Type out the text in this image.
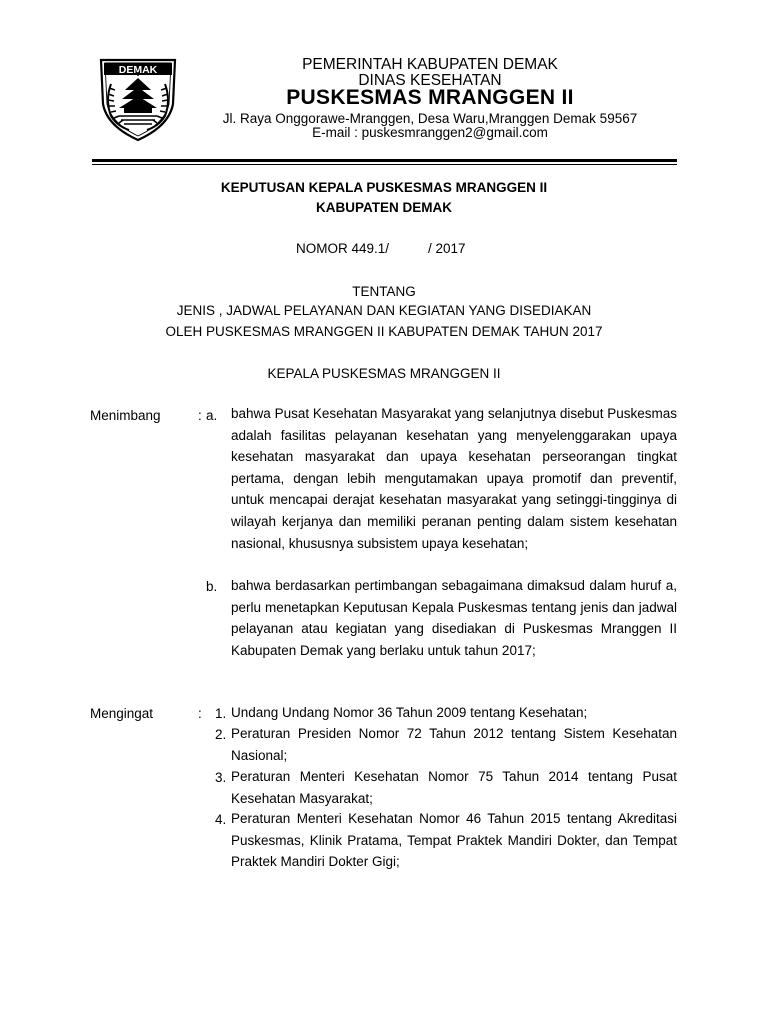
DEMAK	PEMERINTAH KABUPATEN DEMAK
DINAS KESEHATAN
PUSKESMAS MRANGGEN II
Jl. Raya Onggorawe-Mranggen, Desa Waru,Mranggen Demak 59567
E-mail : puskesmranggen2@gmail.com
KEPUTUSAN KEPALA PUSKESMAS MRANGGEN II
KABUPATEN DEMAK
NOMOR 449.1/	/ 2017
TENTANG
JENIS , JADWAL PELAYANAN DAN KEGIATAN YANG DISEDIAKAN
OLEH PUSKESMAS MRANGGEN II KABUPATEN DEMAK TAHUN 2017
KEPALA PUSKESMAS MRANGGEN II
Menimbang	: a. bahwa Pusat Kesehatan Masyarakat yang selanjutnya disebut Puskesmas adalah fasilitas pelayanan kesehatan yang menyelenggarakan upaya kesehatan masyarakat dan upaya kesehatan perseorangan tingkat pertama, dengan lebih mengutamakan upaya promotif dan preventif, untuk mencapai derajat kesehatan masyarakat yang setinggi-tingginya di wilayah kerjanya dan memiliki peranan penting dalam sistem kesehatan nasional, khususnya subsistem upaya kesehatan;
b. bahwa berdasarkan pertimbangan sebagaimana dimaksud dalam huruf a, perlu menetapkan Keputusan Kepala Puskesmas tentang jenis dan jadwal pelayanan atau kegiatan yang disediakan di Puskesmas Mranggen II Kabupaten Demak yang berlaku untuk tahun 2017;
Mengingat	: 1. Undang Undang Nomor 36 Tahun 2009 tentang Kesehatan;
2. Peraturan Presiden Nomor 72 Tahun 2012 tentang Sistem Kesehatan Nasional;
3. Peraturan Menteri Kesehatan Nomor 75 Tahun 2014 tentang Pusat Kesehatan Masyarakat;
4. Peraturan Menteri Kesehatan Nomor 46 Tahun 2015 tentang Akreditasi Puskesmas, Klinik Pratama, Tempat Praktek Mandiri Dokter, dan Tempat Praktek Mandiri Dokter Gigi;
